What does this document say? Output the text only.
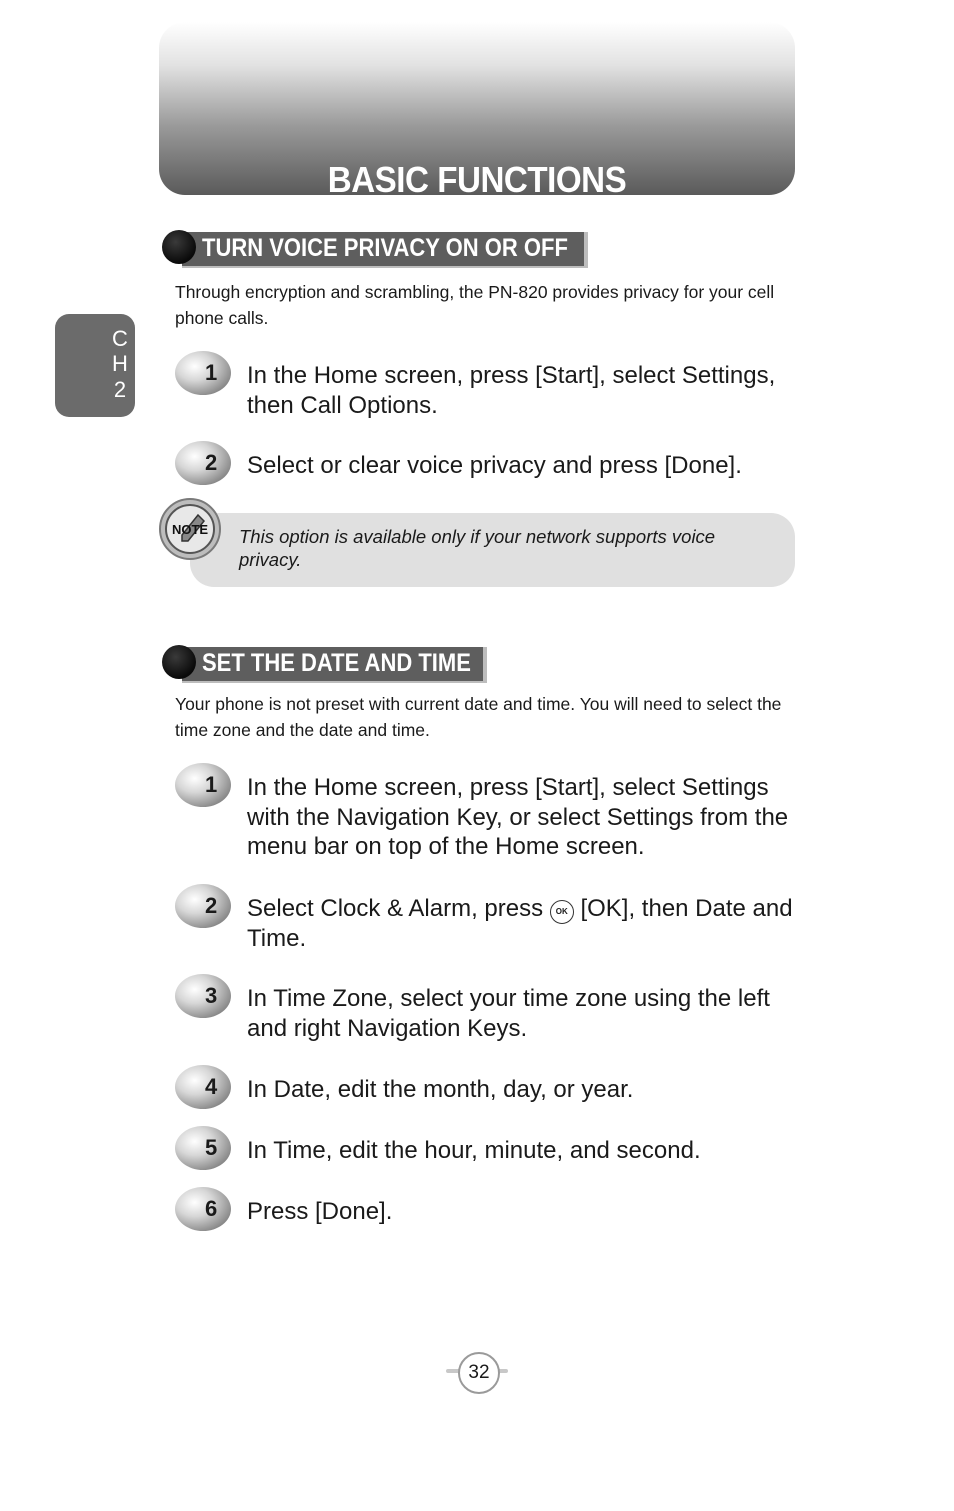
BASIC FUNCTIONS
C
H
2
TURN VOICE PRIVACY ON OR OFF
Through encryption and scrambling, the PN-820 provides privacy for your cell phone calls.
1 In the Home screen, press [Start], select Settings, then Call Options.
2 Select or clear voice privacy and press [Done].
This option is available only if your network supports voice privacy.
NOTE
SET THE DATE AND TIME
Your phone is not preset with current date and time. You will need to select the time zone and the date and time.
1 In the Home screen, press [Start], select Settings with the Navigation Key, or select Settings from the menu bar on top of the Home screen.
2 Select Clock & Alarm, press OK [OK], then Date and Time.
3 In Time Zone, select your time zone using the left and right Navigation Keys.
4 In Date, edit the month, day, or year.
5 In Time, edit the hour, minute, and second.
6 Press [Done].
32
